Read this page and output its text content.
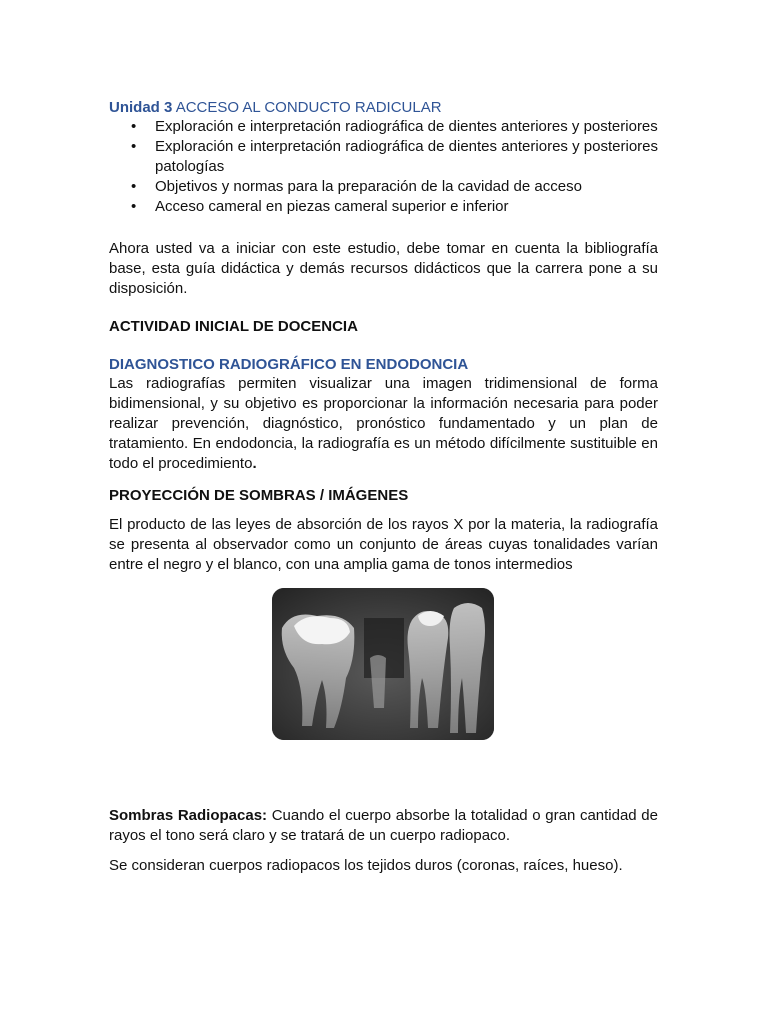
Unidad 3 ACCESO AL CONDUCTO RADICULAR
• Exploración e interpretación radiográfica de dientes anteriores y posteriores
• Exploración e interpretación radiográfica de dientes anteriores y posteriores patologías
• Objetivos y normas para la preparación de la cavidad de acceso
• Acceso cameral en piezas cameral superior e inferior

Ahora usted va a iniciar con este estudio, debe tomar en cuenta la bibliografía base, esta guía didáctica y demás recursos didácticos que la carrera pone a su disposición.

ACTIVIDAD INICIAL DE DOCENCIA
DIAGNOSTICO RADIOGRÁFICO EN ENDODONCIA

Las radiografías permiten visualizar una imagen tridimensional de forma bidimensional, y su objetivo es proporcionar la información necesaria para poder realizar prevención, diagnóstico, pronóstico fundamentado y un plan de tratamiento. En endodoncia, la radiografía es un método difícilmente sustituible en todo el procedimiento.

PROYECCIÓN DE SOMBRAS / IMÁGENES

El producto de las leyes de absorción de los rayos X por la materia, la radiografía se presenta al observador como un conjunto de áreas cuyas tonalidades varían entre el negro y el blanco, con una amplia gama de tonos intermedios

Sombras Radiopacas: Cuando el cuerpo absorbe la totalidad o gran cantidad de rayos el tono será claro y se tratará de un cuerpo radiopaco.

Se consideran cuerpos radiopacos los tejidos duros (coronas, raíces, hueso).
